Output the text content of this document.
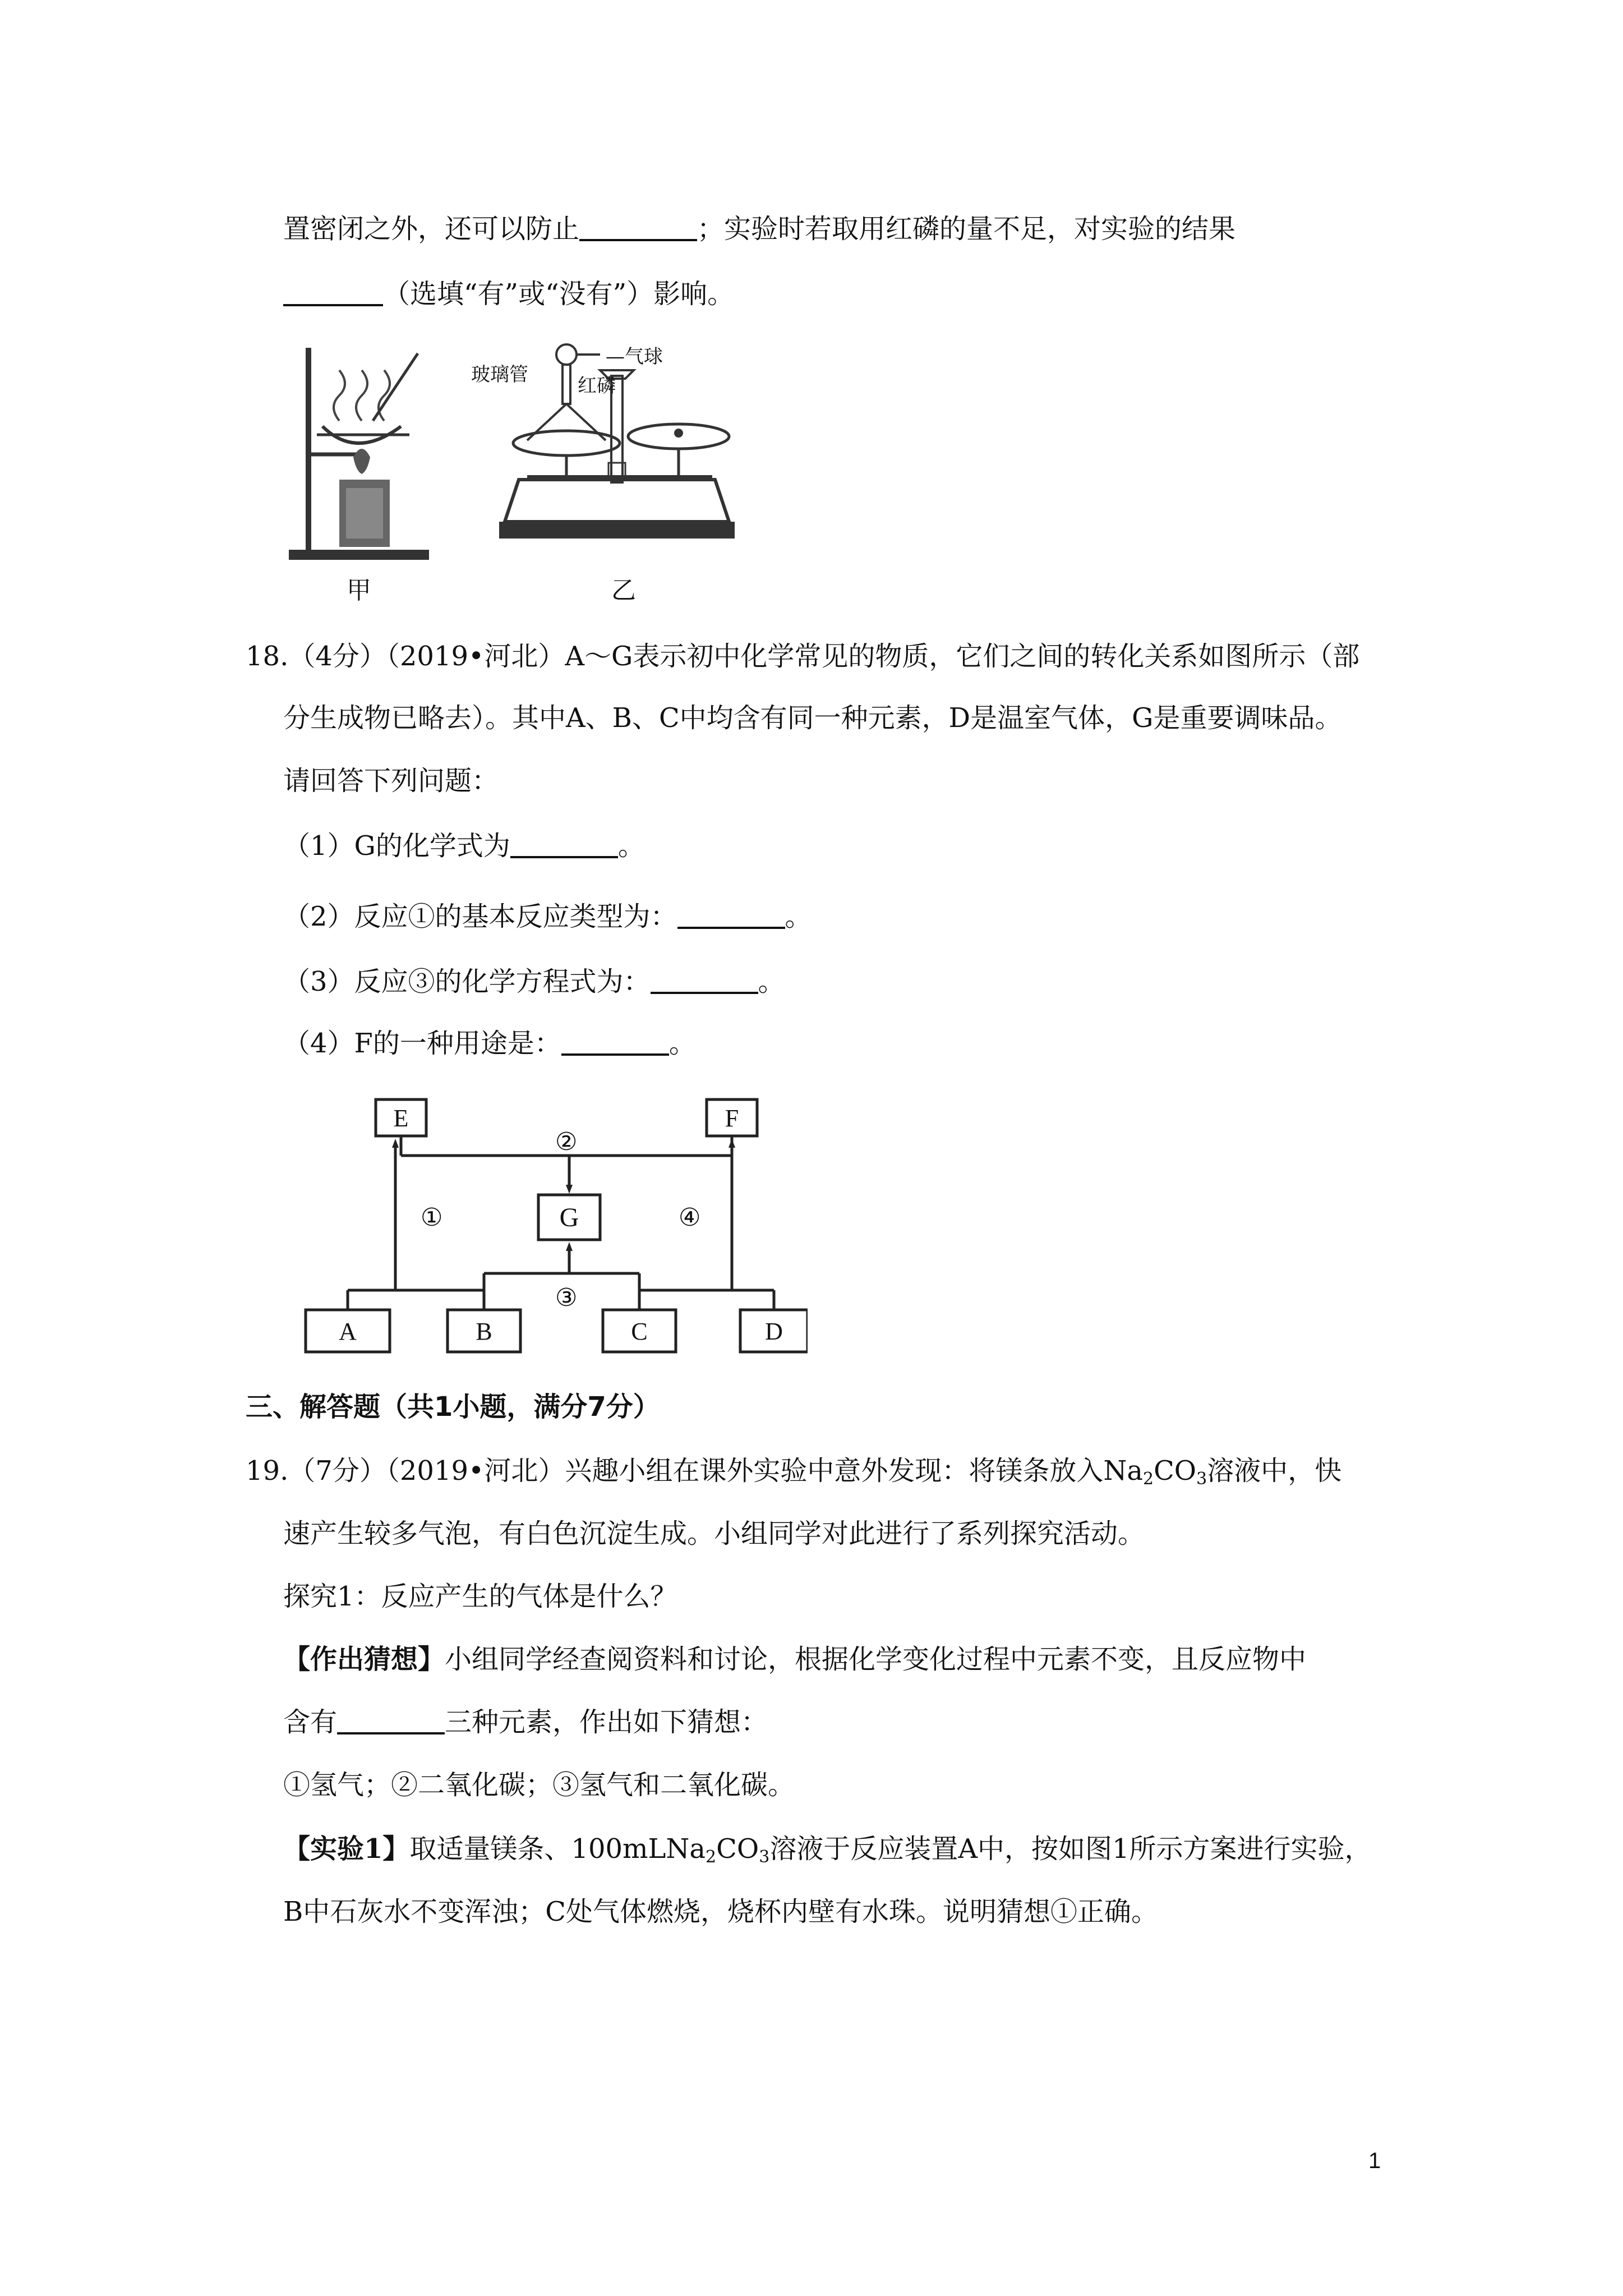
置密闭之外，还可以防止	；实验时若取用红磷的量不足，对实验的结果
（选填“有”或“没有”）影响。
甲
玻璃管
—气球
红磷
乙
18.（4分）（2019•河北）A～G表示初中化学常见的物质，它们之间的转化关系如图所示（部
分生成物已略去）。其中A、B、C中均含有同一种元素，D是温室气体，G是重要调味品。
请回答下列问题：
（1）G的化学式为	。
（2）反应①的基本反应类型为：	。
（3）反应③的化学方程式为：	。
（4）F的一种用途是：	。
E	F
G
A	B	C	D
①
②
③
④
三、解答题（共1小题，满分7分）
19.（7分）（2019•河北）兴趣小组在课外实验中意外发现：将镁条放入$Na_2CO_3$溶液中，快
速产生较多气泡，有白色沉淀生成。小组同学对此进行了系列探究活动。
探究1：反应产生的气体是什么？
【作出猜想】小组同学经查阅资料和讨论，根据化学变化过程中元素不变，且反应物中
含有	三种元素，作出如下猜想：
①氢气；②二氧化碳；③氢气和二氧化碳。
【实验1】取适量镁条、$100mLNa_2CO_3$溶液于反应装置A中，按如图1所示方案进行实验，
B中石灰水不变浑浊；C处气体燃烧，烧杯内壁有水珠。说明猜想①正确。
1
